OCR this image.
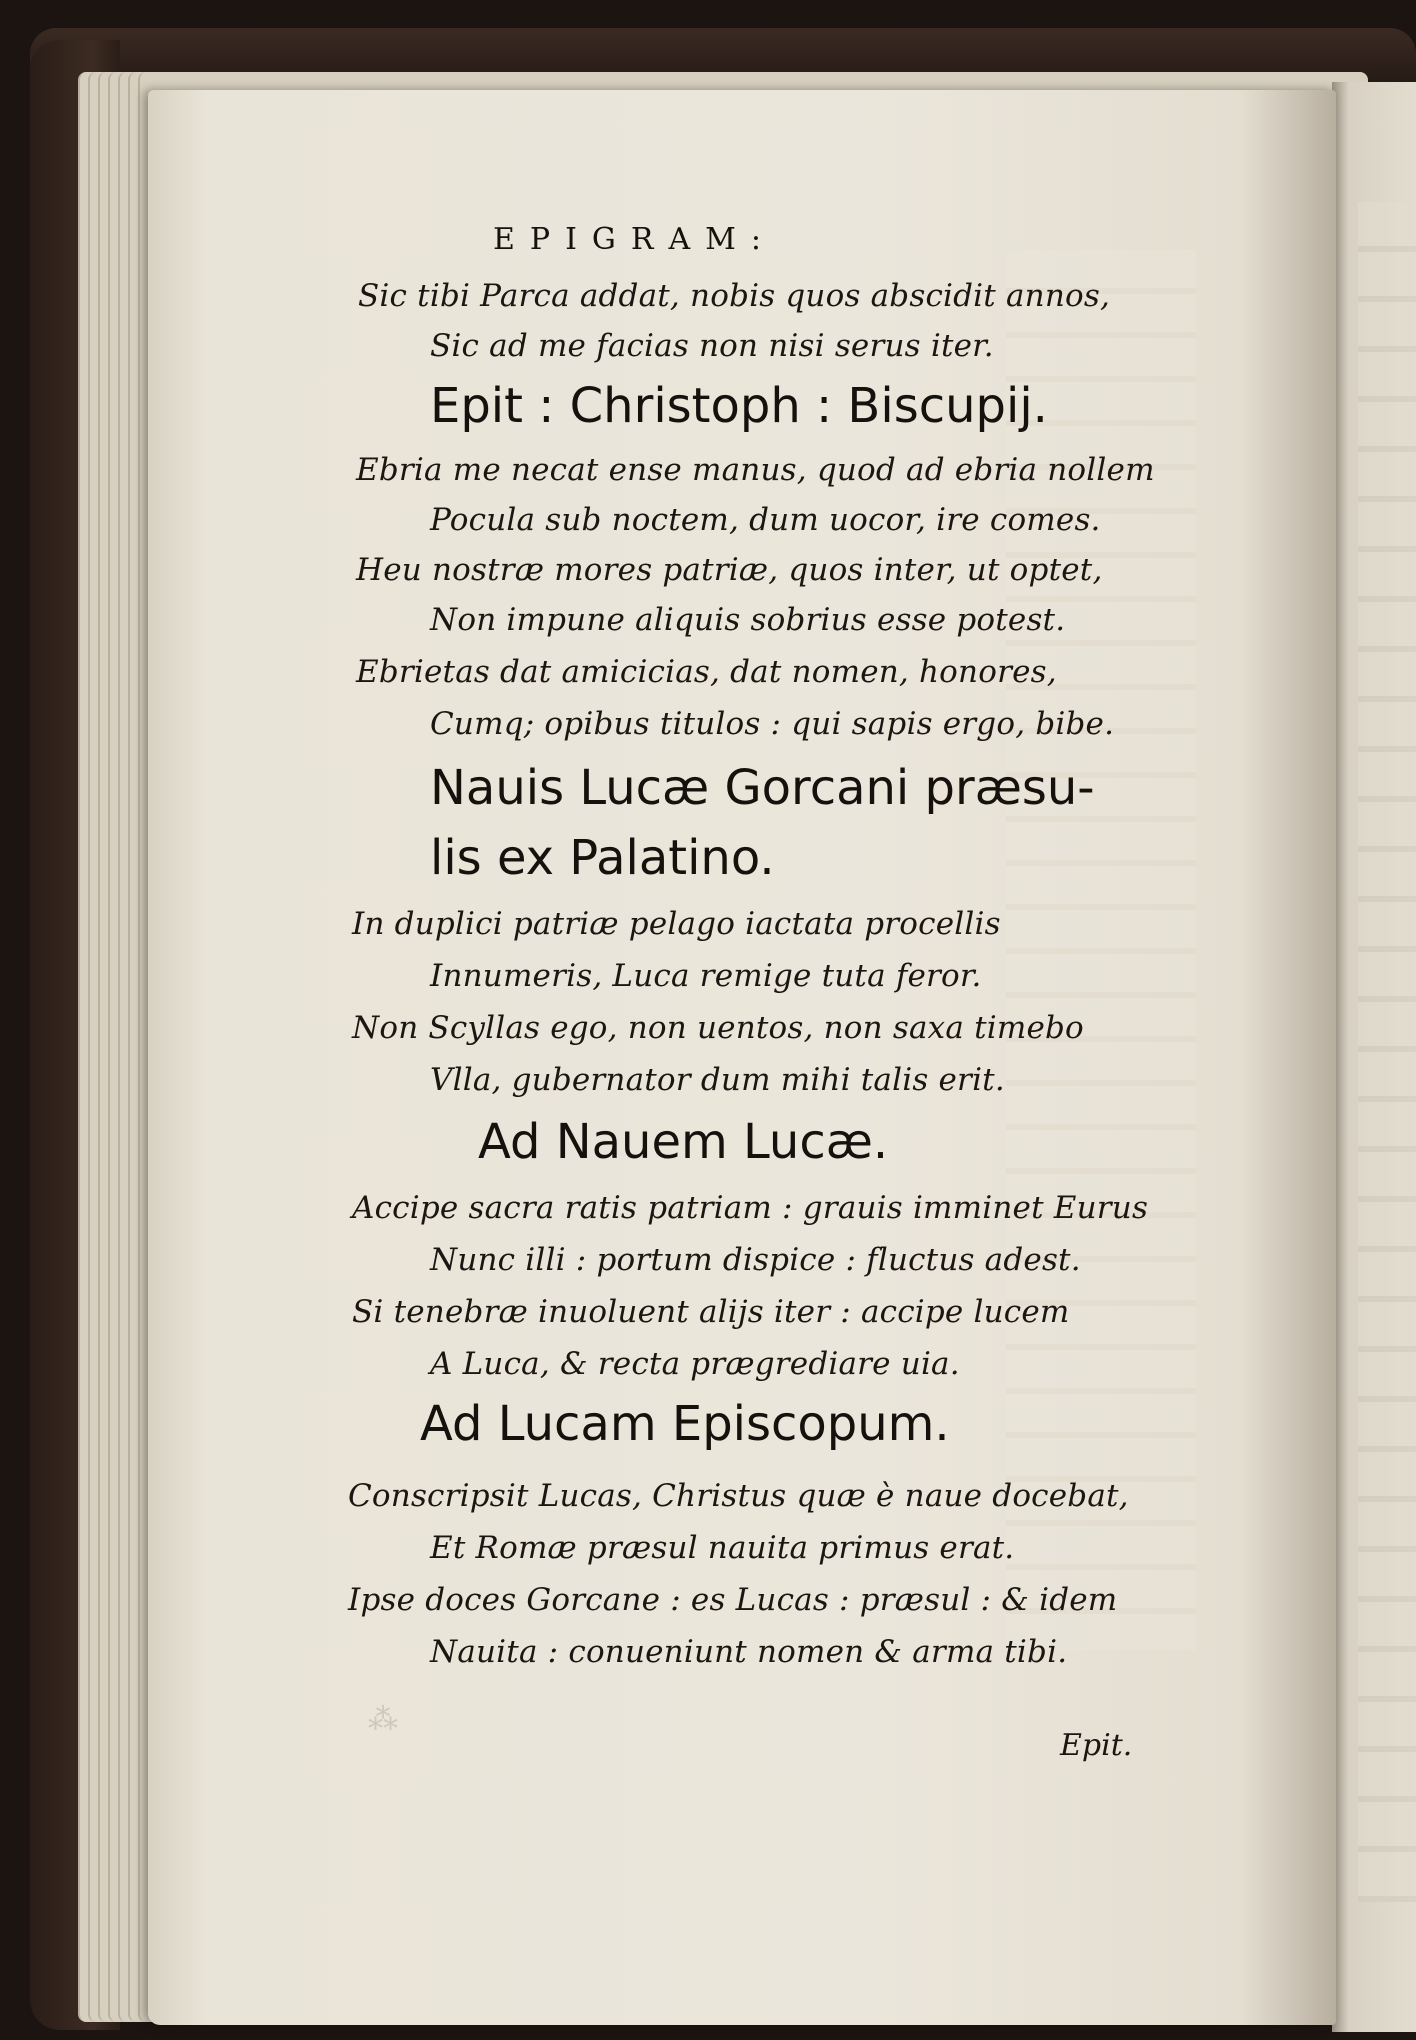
EPIGRAM:
Sic tibi Parca addat, nobis quos abscidit annos,
Sic ad me facias non nisi serus iter.
Epit : Christoph : Biscupij.
Ebria me necat ense manus, quod ad ebria nollem
Pocula sub noctem, dum uocor, ire comes.
Heu nostræ mores patriæ, quos inter, ut optet,
Non impune aliquis sobrius esse potest.
Ebrietas dat amicicias, dat nomen, honores,
Cumq; opibus titulos : qui sapis ergo, bibe.
Nauis Lucæ Gorcani præsu-
lis ex Palatino.
In duplici patriæ pelago iactata procellis
Innumeris, Luca remige tuta feror.
Non Scyllas ego, non uentos, non saxa timebo
Vlla, gubernator dum mihi talis erit.
Ad Nauem Lucæ.
Accipe sacra ratis patriam : grauis imminet Eurus
Nunc illi : portum dispice : fluctus adest.
Si tenebræ inuoluent alijs iter : accipe lucem
A Luca, & recta prægrediare uia.
Ad Lucam Episcopum.
Conscripsit Lucas, Christus quæ è naue docebat,
Et Romæ præsul nauita primus erat.
Ipse doces Gorcane : es Lucas : præsul : & idem
Nauita : conueniunt nomen & arma tibi.
Epit.
⁂
